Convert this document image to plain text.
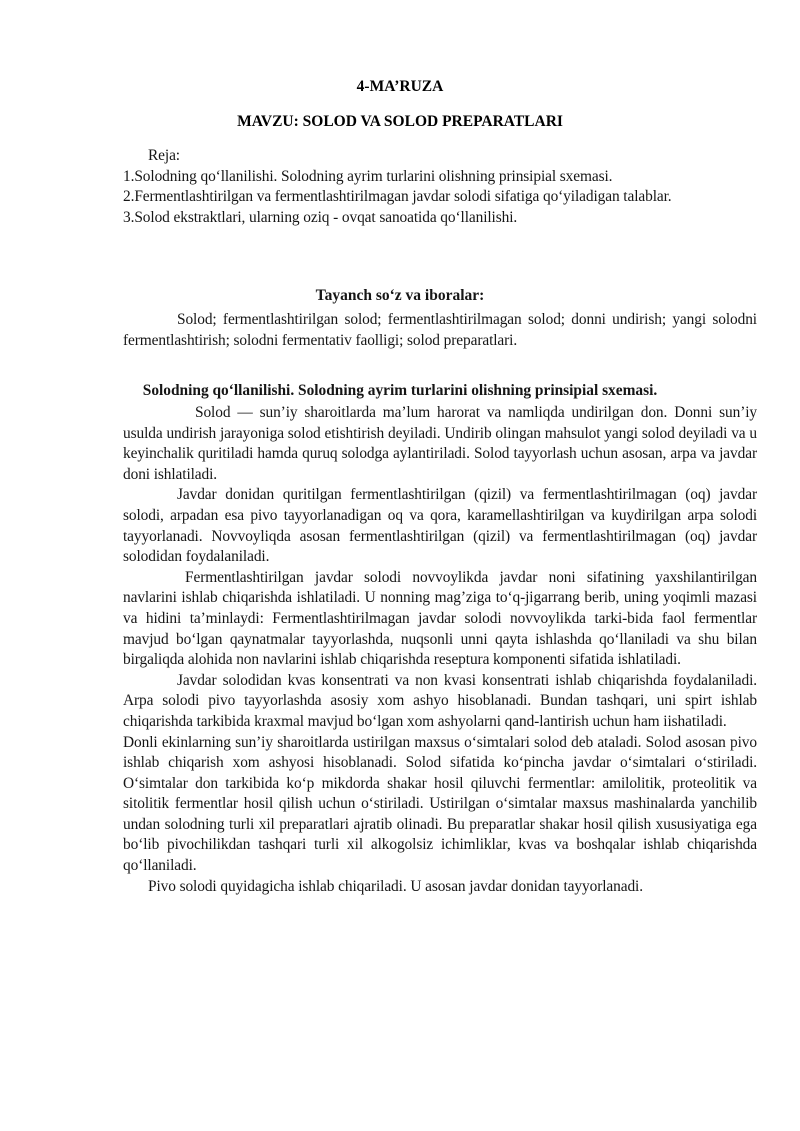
4-MA’RUZA
MAVZU: SOLOD VA SOLOD PREPARATLARI

Reja:

1.Solodning qo‘llanilishi. Solodning ayrim turlarini olishning prinsipial sxemasi.

2.Fermentlashtirilgan va fermentlashtirilmagan javdar solodi sifatiga qo‘yiladigan talablar.

3.Solod ekstraktlari, ularning oziq - ovqat sanoatida qo‘llanilishi.

Tayanch so‘z va iboralar:

Solod; fermentlashtirilgan solod; fermentlashtirilmagan solod; donni undirish; yangi solodni fermentlashtirish; solodni fermentativ faolligi; solod preparatlari.

Solodning qo‘llanilishi. Solodning ayrim turlarini olishning prinsipial sxemasi.

Solod — sun’iy sharoitlarda ma’lum harorat va namliqda undirilgan don. Donni sun’iy usulda undirish jarayoniga solod etishtirish deyiladi. Undirib olingan mahsulot yangi solod deyiladi va u keyinchalik quritiladi hamda quruq solodga aylantiriladi. Solod tayyorlash uchun asosan, arpa va javdar doni ishlatiladi.

Javdar donidan quritilgan fermentlashtirilgan (qizil) va fermentlashtirilmagan (oq) javdar solodi, arpadan esa pivo tayyorlanadigan oq va qora, karamellashtirilgan va kuydirilgan arpa solodi tayyorlanadi. Novvoyliqda asosan fermentlashtirilgan (qizil) va fermentlashtirilmagan (oq) javdar solodidan foydalaniladi.

Fermentlashtirilgan javdar solodi novvoylikda javdar noni sifatining yaxshilantirilgan navlarini ishlab chiqarishda ishlatiladi. U nonning mag’ziga to‘q-jigarrang berib, uning yoqimli mazasi va hidini ta’minlaydi: Fermentlashtirilmagan javdar solodi novvoylikda tarki-bida faol fermentlar mavjud bo‘lgan qaynatmalar tayyorlashda, nuqsonli unni qayta ishlashda qo‘llaniladi va shu bilan birgaliqda alohida non navlarini ishlab chiqarishda reseptura komponenti sifatida ishlatiladi.

Javdar solodidan kvas konsentrati va non kvasi konsentrati ishlab chiqarishda foydalaniladi. Arpa solodi pivo tayyorlashda asosiy xom ashyo hisoblanadi. Bundan tashqari, uni spirt ishlab chiqarishda tarkibida kraxmal mavjud bo‘lgan xom ashyolarni qand-lantirish uchun ham iishatiladi.

Donli ekinlarning sun’iy sharoitlarda ustirilgan maxsus o‘simtalari solod deb ataladi. Solod asosan pivo ishlab chiqarish xom ashyosi hisoblanadi. Solod sifatida ko‘pincha javdar o‘simtalari o‘stiriladi. O‘simtalar don tarkibida ko‘p mikdorda shakar hosil qiluvchi fermentlar: amilolitik, proteolitik va sitolitik fermentlar hosil qilish uchun o‘stiriladi. Ustirilgan o‘simtalar maxsus mashinalarda yanchilib undan solodning turli xil preparatlari ajratib olinadi. Bu preparatlar shakar hosil qilish xususiyatiga ega bo‘lib pivochilikdan tashqari turli xil alkogolsiz ichimliklar, kvas va boshqalar ishlab chiqarishda qo‘llaniladi.

Pivo solodi quyidagicha ishlab chiqariladi. U asosan javdar donidan tayyorlanadi.
